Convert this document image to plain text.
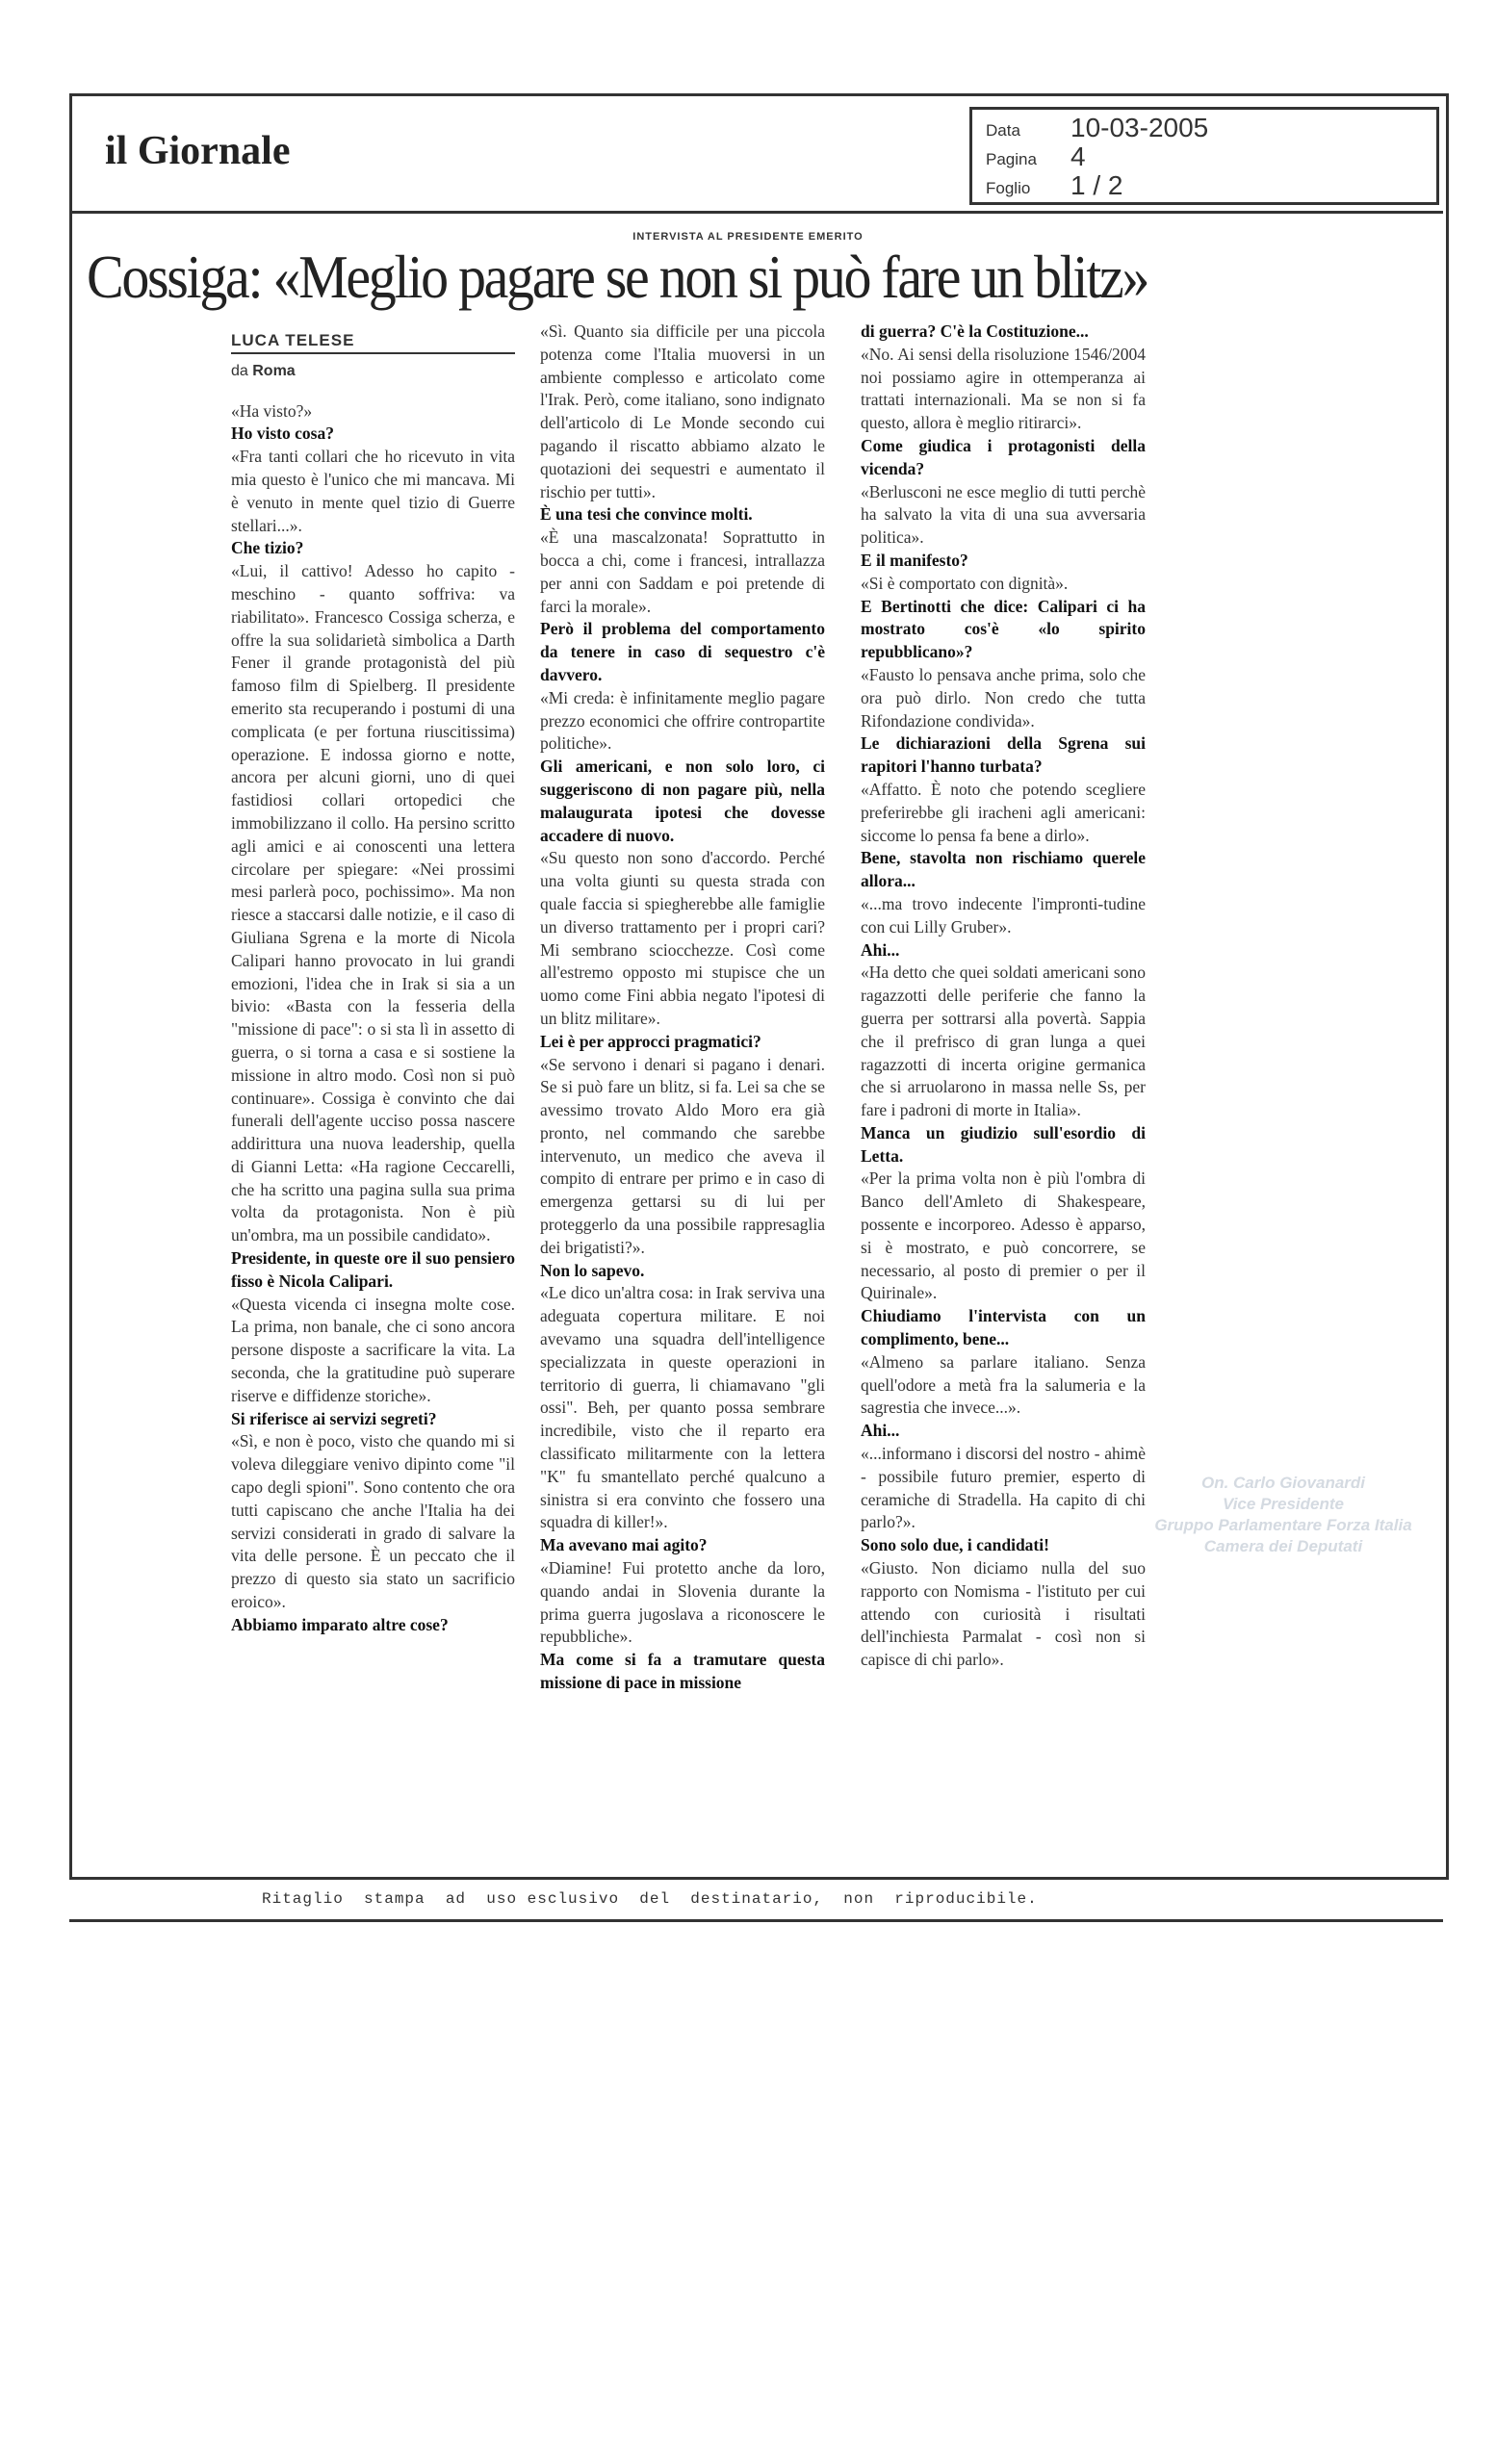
il Giornale	Data 10-03-2005
Pagina 4
Foglio 1 / 2
INTERVISTA AL PRESIDENTE EMERITO
Cossiga: «Meglio pagare se non si può fare un blitz»
LUCA TELESE
da Roma

«Ha visto?»

Ho visto cosa?

«Fra tanti collari che ho ricevuto in vita mia questo è l'unico che mi mancava. Mi è venuto in mente quel tizio di Guerre stellari...».

Che tizio?

«Lui, il cattivo! Adesso ho capito - meschino - quanto soffriva: va riabilitato». Francesco Cossiga scherza, e offre la sua solidarietà simbolica a Darth Fener il grande protagonistà del più famoso film di Spielberg. Il presidente emerito sta recuperando i postumi di una complicata (e per fortuna riuscitissima) operazione. E indossa giorno e notte, ancora per alcuni giorni, uno di quei fastidiosi collari ortopedici che immobilizzano il collo. Ha persino scritto agli amici e ai conoscenti una lettera circolare per spiegare: «Nei prossimi mesi parlerà poco, pochissimo». Ma non riesce a staccarsi dalle notizie, e il caso di Giuliana Sgrena e la morte di Nicola Calipari hanno provocato in lui grandi emozioni, l'idea che in Irak si sia a un bivio: «Basta con la fesseria della "missione di pace": o si sta lì in assetto di guerra, o si torna a casa e si sostiene la missione in altro modo. Così non si può continuare». Cossiga è convinto che dai funerali dell'agente ucciso possa nascere addirittura una nuova leadership, quella di Gianni Letta: «Ha ragione Ceccarelli, che ha scritto una pagina sulla sua prima volta da protagonista. Non è più un'ombra, ma un possibile candidato».

Presidente, in queste ore il suo pensiero fisso è Nicola Calipari.

«Questa vicenda ci insegna molte cose. La prima, non banale, che ci sono ancora persone disposte a sacrificare la vita. La seconda, che la gratitudine può superare riserve e diffidenze storiche».

Si riferisce ai servizi segreti?

«Sì, e non è poco, visto che quando mi si voleva dileggiare venivo dipinto come "il capo degli spioni". Sono contento che ora tutti capiscano che anche l'Italia ha dei servizi considerati in grado di salvare la vita delle persone. È un peccato che il prezzo di questo sia stato un sacrificio eroico».

Abbiamo imparato altre cose?

«Sì. Quanto sia difficile per una piccola potenza come l'Italia muoversi in un ambiente complesso e articolato come l'Irak. Però, come italiano, sono indignato dell'articolo di Le Monde secondo cui pagando il riscatto abbiamo alzato le quotazioni dei sequestri e aumentato il rischio per tutti».

È una tesi che convince molti.

«È una mascalzonata! Soprattutto in bocca a chi, come i francesi, intrallazza per anni con Saddam e poi pretende di farci la morale».

Però il problema del comportamento da tenere in caso di sequestro c'è davvero.

«Mi creda: è infinitamente meglio pagare prezzo economici che offrire contropartite politiche».

Gli americani, e non solo loro, ci suggeriscono di non pagare più, nella malaugurata ipotesi che dovesse accadere di nuovo.

«Su questo non sono d'accordo. Perché una volta giunti su questa strada con quale faccia si spiegherebbe alle famiglie un diverso trattamento per i propri cari? Mi sembrano sciocchezze. Così come all'estremo opposto mi stupisce che un uomo come Fini abbia negato l'ipotesi di un blitz militare».

Lei è per approcci pragmatici?

«Se servono i denari si pagano i denari. Se si può fare un blitz, si fa. Lei sa che se avessimo trovato Aldo Moro era già pronto, nel commando che sarebbe intervenuto, un medico che aveva il compito di entrare per primo e in caso di emergenza gettarsi su di lui per proteggerlo da una possibile rappresaglia dei brigatisti?».

Non lo sapevo.

«Le dico un'altra cosa: in Irak serviva una adeguata copertura militare. E noi avevamo una squadra dell'intelligence specializzata in queste operazioni in territorio di guerra, li chiamavano "gli ossi". Beh, per quanto possa sembrare incredibile, visto che il reparto era classificato militarmente con la lettera "K" fu smantellato perché qualcuno a sinistra si era convinto che fossero una squadra di killer!».

Ma avevano mai agito?

«Diamine! Fui protetto anche da loro, quando andai in Slovenia durante la prima guerra jugoslava a riconoscere le repubbliche».

Ma come si fa a tramutare questa missione di pace in missione

di guerra? C'è la Costituzione...

«No. Ai sensi della risoluzione 1546/2004 noi possiamo agire in ottemperanza ai trattati internazionali. Ma se non si fa questo, allora è meglio ritirarci».

Come giudica i protagonisti della vicenda?

«Berlusconi ne esce meglio di tutti perchè ha salvato la vita di una sua avversaria politica».

E il manifesto?

«Si è comportato con dignità».

E Bertinotti che dice: Calipari ci ha mostrato cos'è «lo spirito repubblicano»?

«Fausto lo pensava anche prima, solo che ora può dirlo. Non credo che tutta Rifondazione condivida».

Le dichiarazioni della Sgrena sui rapitori l'hanno turbata?

«Affatto. È noto che potendo scegliere preferirebbe gli iracheni agli americani: siccome lo pensa fa bene a dirlo».

Bene, stavolta non rischiamo querele allora...

«...ma trovo indecente l'impronti-tudine con cui Lilly Gruber».

Ahi...

«Ha detto che quei soldati americani sono ragazzotti delle periferie che fanno la guerra per sottrarsi alla povertà. Sappia che il prefrisco di gran lunga a quei ragazzotti di incerta origine germanica che si arruolarono in massa nelle Ss, per fare i padroni di morte in Italia».

Manca un giudizio sull'esordio di Letta.

«Per la prima volta non è più l'ombra di Banco dell'Amleto di Shakespeare, possente e incorporeo. Adesso è apparso, si è mostrato, e può concorrere, se necessario, al posto di premier o per il Quirinale».

Chiudiamo l'intervista con un complimento, bene...

«Almeno sa parlare italiano. Senza quell'odore a metà fra la salumeria e la sagrestia che invece...».

Ahi...

«...informano i discorsi del nostro - ahimè - possibile futuro premier, esperto di ceramiche di Stradella. Ha capito di chi parlo?».

Sono solo due, i candidati!

«Giusto. Non diciamo nulla del suo rapporto con Nomisma - l'istituto per cui attendo con curiosità i risultati dell'inchiesta Parmalat - così non si capisce di chi parlo».

On. Carlo Giovanardi
Vice Presidente
Gruppo Parlamentare Forza Italia
Camera dei Deputati
Ritaglio  stampa  ad  uso esclusivo  del  destinatario,  non  riproducibile.
